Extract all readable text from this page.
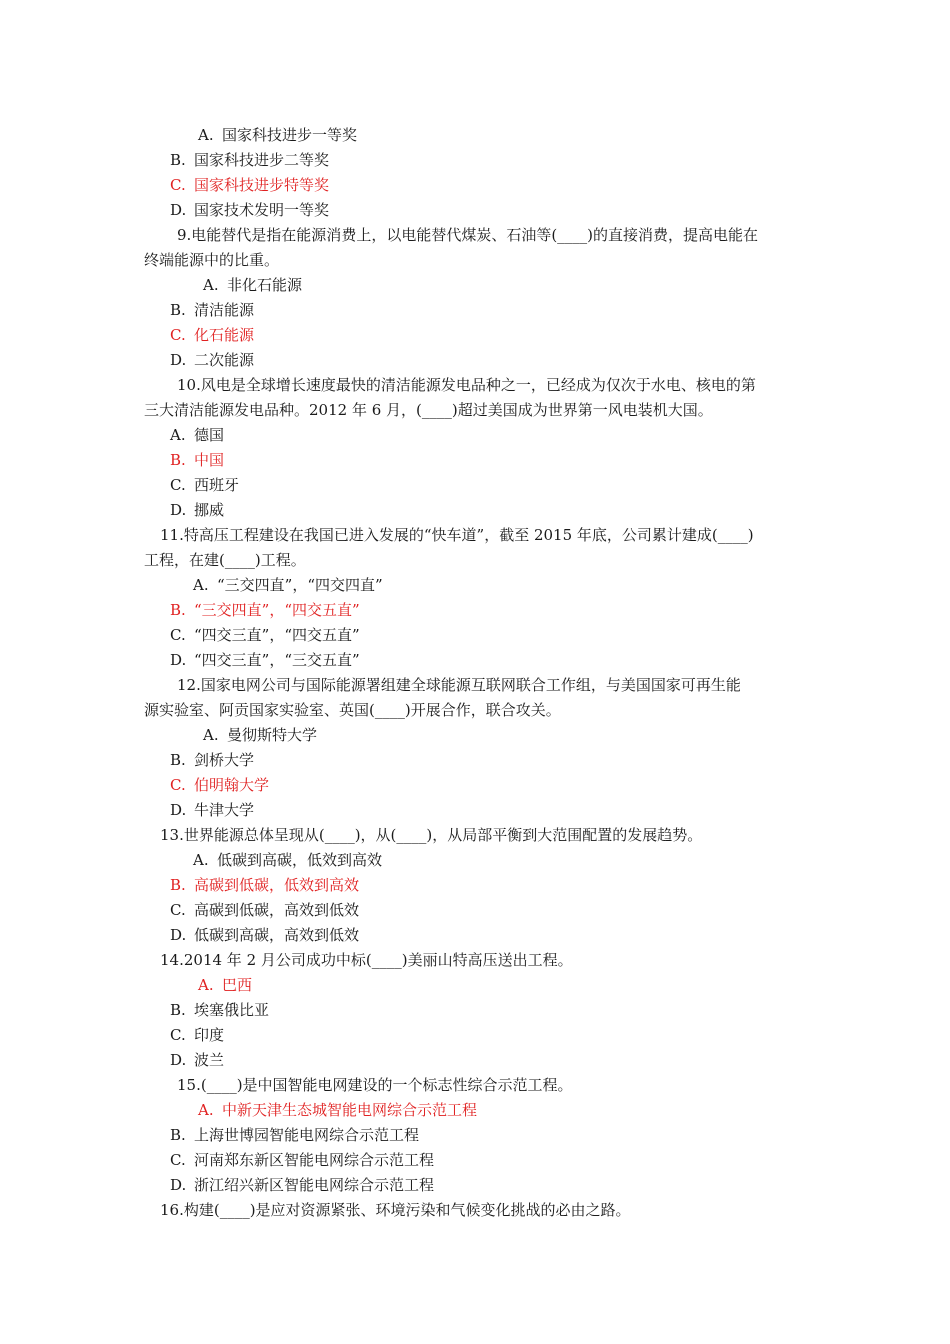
A. 国家科技进步一等奖
B. 国家科技进步二等奖
C. 国家科技进步特等奖
D. 国家技术发明一等奖
9.电能替代是指在能源消费上，以电能替代煤炭、石油等(____)的直接消费，提高电能在
终端能源中的比重。
A. 非化石能源
B. 清洁能源
C. 化石能源
D. 二次能源
10.风电是全球增长速度最快的清洁能源发电品种之一，已经成为仅次于水电、核电的第
三大清洁能源发电品种。2012 年 6 月，(____)超过美国成为世界第一风电装机大国。
A. 德国
B. 中国
C. 西班牙
D. 挪威
11.特高压工程建设在我国已进入发展的“快车道”，截至 2015 年底，公司累计建成(____)
工程，在建(____)工程。
A. “三交四直”，“四交四直”
B. “三交四直”，“四交五直”
C. “四交三直”，“四交五直”
D. “四交三直”，“三交五直”
12.国家电网公司与国际能源署组建全球能源互联网联合工作组，与美国国家可再生能
源实验室、阿贡国家实验室、英国(____)开展合作，联合攻关。
A. 曼彻斯特大学
B. 剑桥大学
C. 伯明翰大学
D. 牛津大学
13.世界能源总体呈现从(____)，从(____)，从局部平衡到大范围配置的发展趋势。
A. 低碳到高碳，低效到高效
B. 高碳到低碳，低效到高效
C. 高碳到低碳，高效到低效
D. 低碳到高碳，高效到低效
14.2014 年 2 月公司成功中标(____)美丽山特高压送出工程。
A. 巴西
B. 埃塞俄比亚
C. 印度
D. 波兰
15.(____)是中国智能电网建设的一个标志性综合示范工程。
A. 中新天津生态城智能电网综合示范工程
B. 上海世博园智能电网综合示范工程
C. 河南郑东新区智能电网综合示范工程
D. 浙江绍兴新区智能电网综合示范工程
16.构建(____)是应对资源紧张、环境污染和气候变化挑战的必由之路。
